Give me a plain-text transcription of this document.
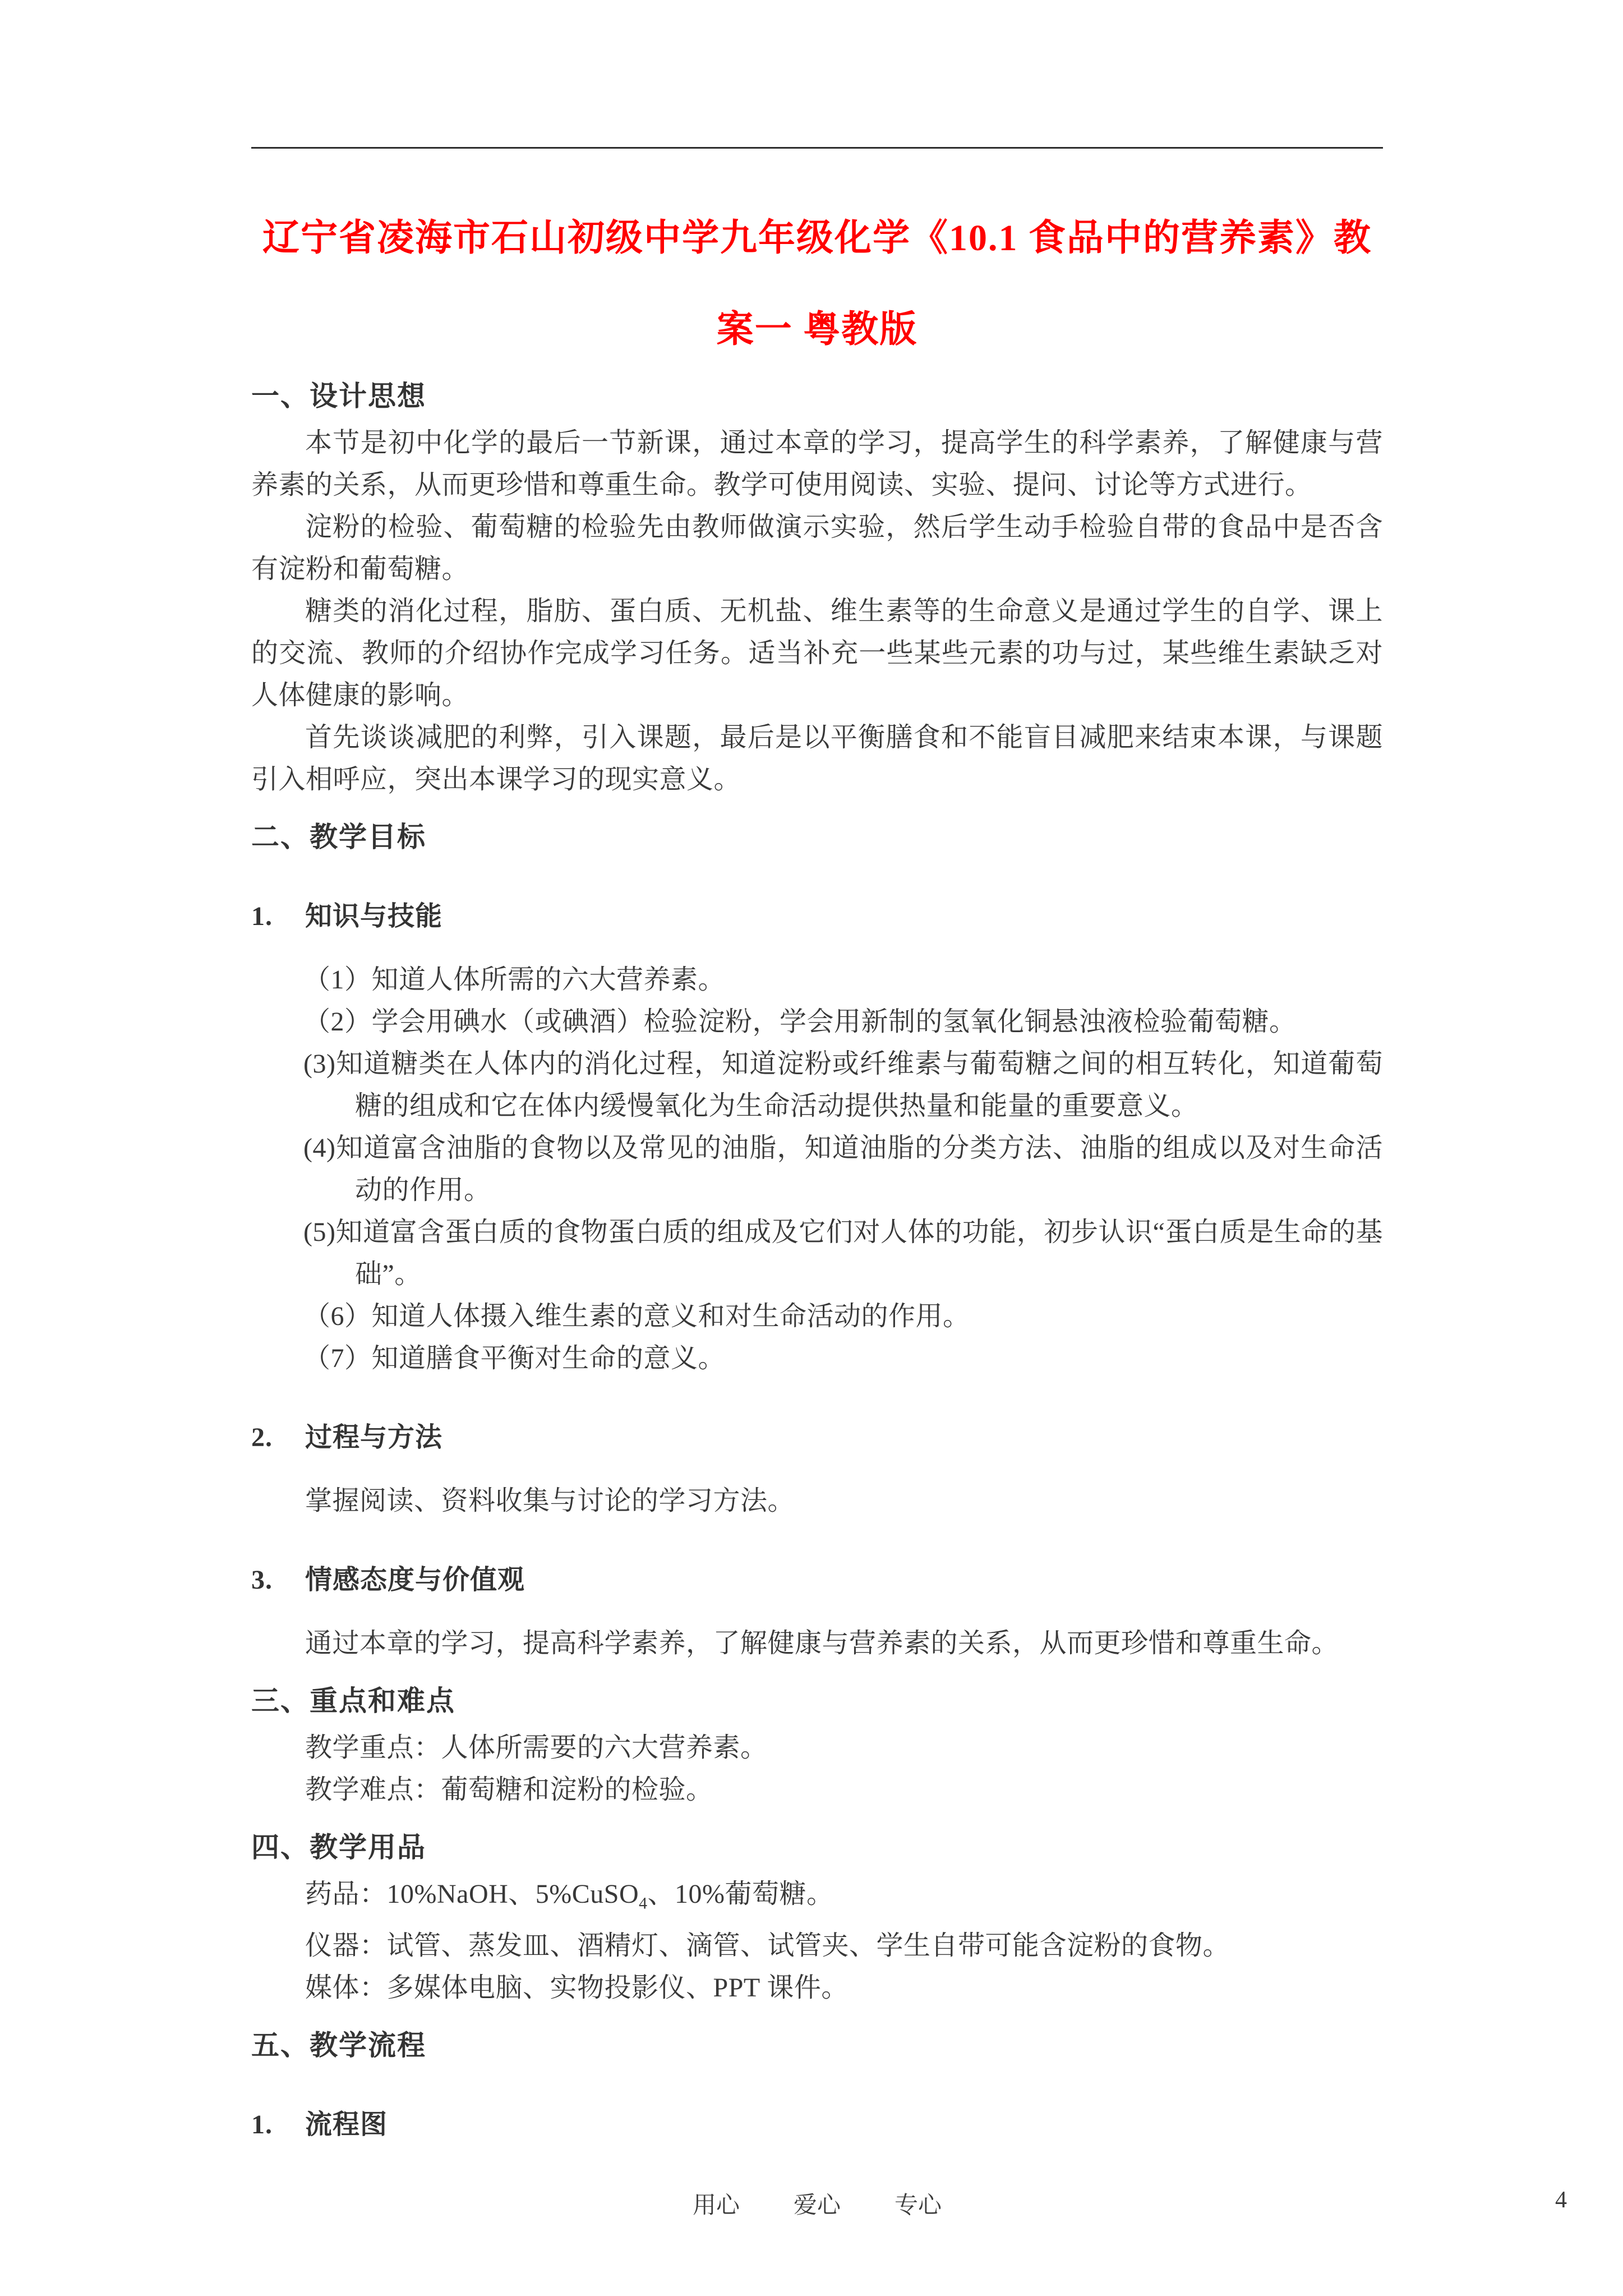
辽宁省凌海市石山初级中学九年级化学《10.1 食品中的营养素》教
案一 粤教版
一、设计思想
本节是初中化学的最后一节新课，通过本章的学习，提高学生的科学素养，了解健康与营养素的关系，从而更珍惜和尊重生命。教学可使用阅读、实验、提问、讨论等方式进行。
淀粉的检验、葡萄糖的检验先由教师做演示实验，然后学生动手检验自带的食品中是否含有淀粉和葡萄糖。
糖类的消化过程，脂肪、蛋白质、无机盐、维生素等的生命意义是通过学生的自学、课上的交流、教师的介绍协作完成学习任务。适当补充一些某些元素的功与过，某些维生素缺乏对人体健康的影响。
首先谈谈减肥的利弊，引入课题，最后是以平衡膳食和不能盲目减肥来结束本课，与课题引入相呼应，突出本课学习的现实意义。
二、教学目标
1.	知识与技能
（1）知道人体所需的六大营养素。
（2）学会用碘水（或碘酒）检验淀粉，学会用新制的氢氧化铜悬浊液检验葡萄糖。
(3)知道糖类在人体内的消化过程，知道淀粉或纤维素与葡萄糖之间的相互转化，知道葡萄糖的组成和它在体内缓慢氧化为生命活动提供热量和能量的重要意义。
(4)知道富含油脂的食物以及常见的油脂，知道油脂的分类方法、油脂的组成以及对生命活动的作用。
(5)知道富含蛋白质的食物蛋白质的组成及它们对人体的功能，初步认识“蛋白质是生命的基础”。
（6）知道人体摄入维生素的意义和对生命活动的作用。
（7）知道膳食平衡对生命的意义。
2.	过程与方法
掌握阅读、资料收集与讨论的学习方法。
3.	情感态度与价值观
通过本章的学习，提高科学素养，了解健康与营养素的关系，从而更珍惜和尊重生命。
三、重点和难点
教学重点：人体所需要的六大营养素。
教学难点：葡萄糖和淀粉的检验。
四、教学用品
药品：10%NaOH、5%CuSO$_4$、10%葡萄糖。
仪器：试管、蒸发皿、酒精灯、滴管、试管夹、学生自带可能含淀粉的食物。
媒体：多媒体电脑、实物投影仪、PPT 课件。
五、教学流程
1.	流程图
用心 爱心 专心	4
